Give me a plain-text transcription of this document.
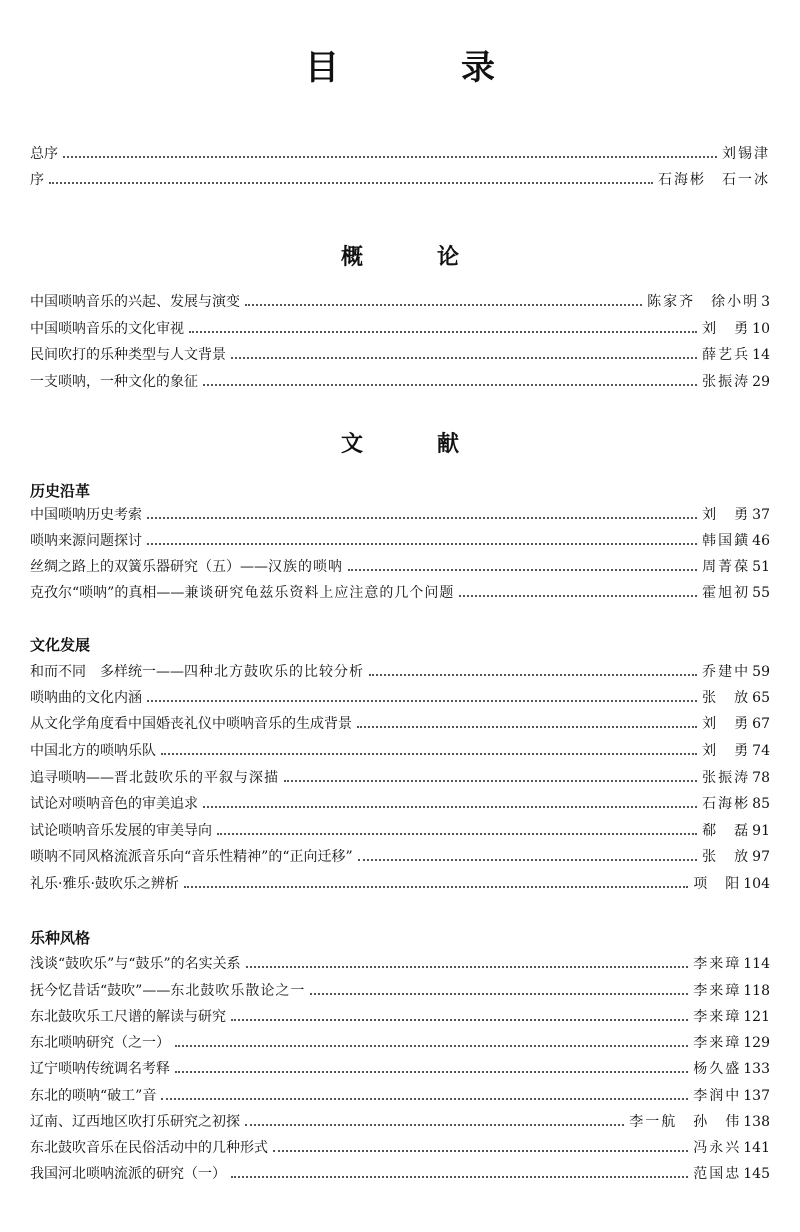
目　录
总序	刘锡津
序	石海彬　石一冰
概　论
中国唢呐音乐的兴起、发展与演变	陈家齐　徐小明 3
中国唢呐音乐的文化审视	刘　勇 10
民间吹打的乐种类型与人文背景	薛艺兵 14
一支唢呐，一种文化的象征	张振涛 29
文　献
历史沿革
中国唢呐历史考索	刘　勇 37
唢呐来源问题探讨	韩国鐄 46
丝绸之路上的双簧乐器研究（五）——汉族的唢呐	周菁葆 51
克孜尔“唢呐”的真相——兼谈研究龟兹乐资料上应注意的几个问题	霍旭初 55
文化发展
和而不同　多样统一——四种北方鼓吹乐的比较分析	乔建中 59
唢呐曲的文化内涵	张　放 65
从文化学角度看中国婚丧礼仪中唢呐音乐的生成背景	刘　勇 67
中国北方的唢呐乐队	刘　勇 74
追寻唢呐——晋北鼓吹乐的平叙与深描	张振涛 78
试论对唢呐音色的审美追求	石海彬 85
试论唢呐音乐发展的审美导向	郗　磊 91
唢呐不同风格流派音乐向“音乐性精神”的“正向迁移”	张　放 97
礼乐·雅乐·鼓吹乐之辨析	项　阳 104
乐种风格
浅谈“鼓吹乐”与“鼓乐”的名实关系	李来璋 114
抚今忆昔话“鼓吹”——东北鼓吹乐散论之一	李来璋 118
东北鼓吹乐工尺谱的解读与研究	李来璋 121
东北唢呐研究（之一）	李来璋 129
辽宁唢呐传统调名考释	杨久盛 133
东北的唢呐“破工”音	李润中 137
辽南、辽西地区吹打乐研究之初探	李一航　孙　伟 138
东北鼓吹音乐在民俗活动中的几种形式	冯永兴 141
我国河北唢呐流派的研究（一）	范国忠 145
